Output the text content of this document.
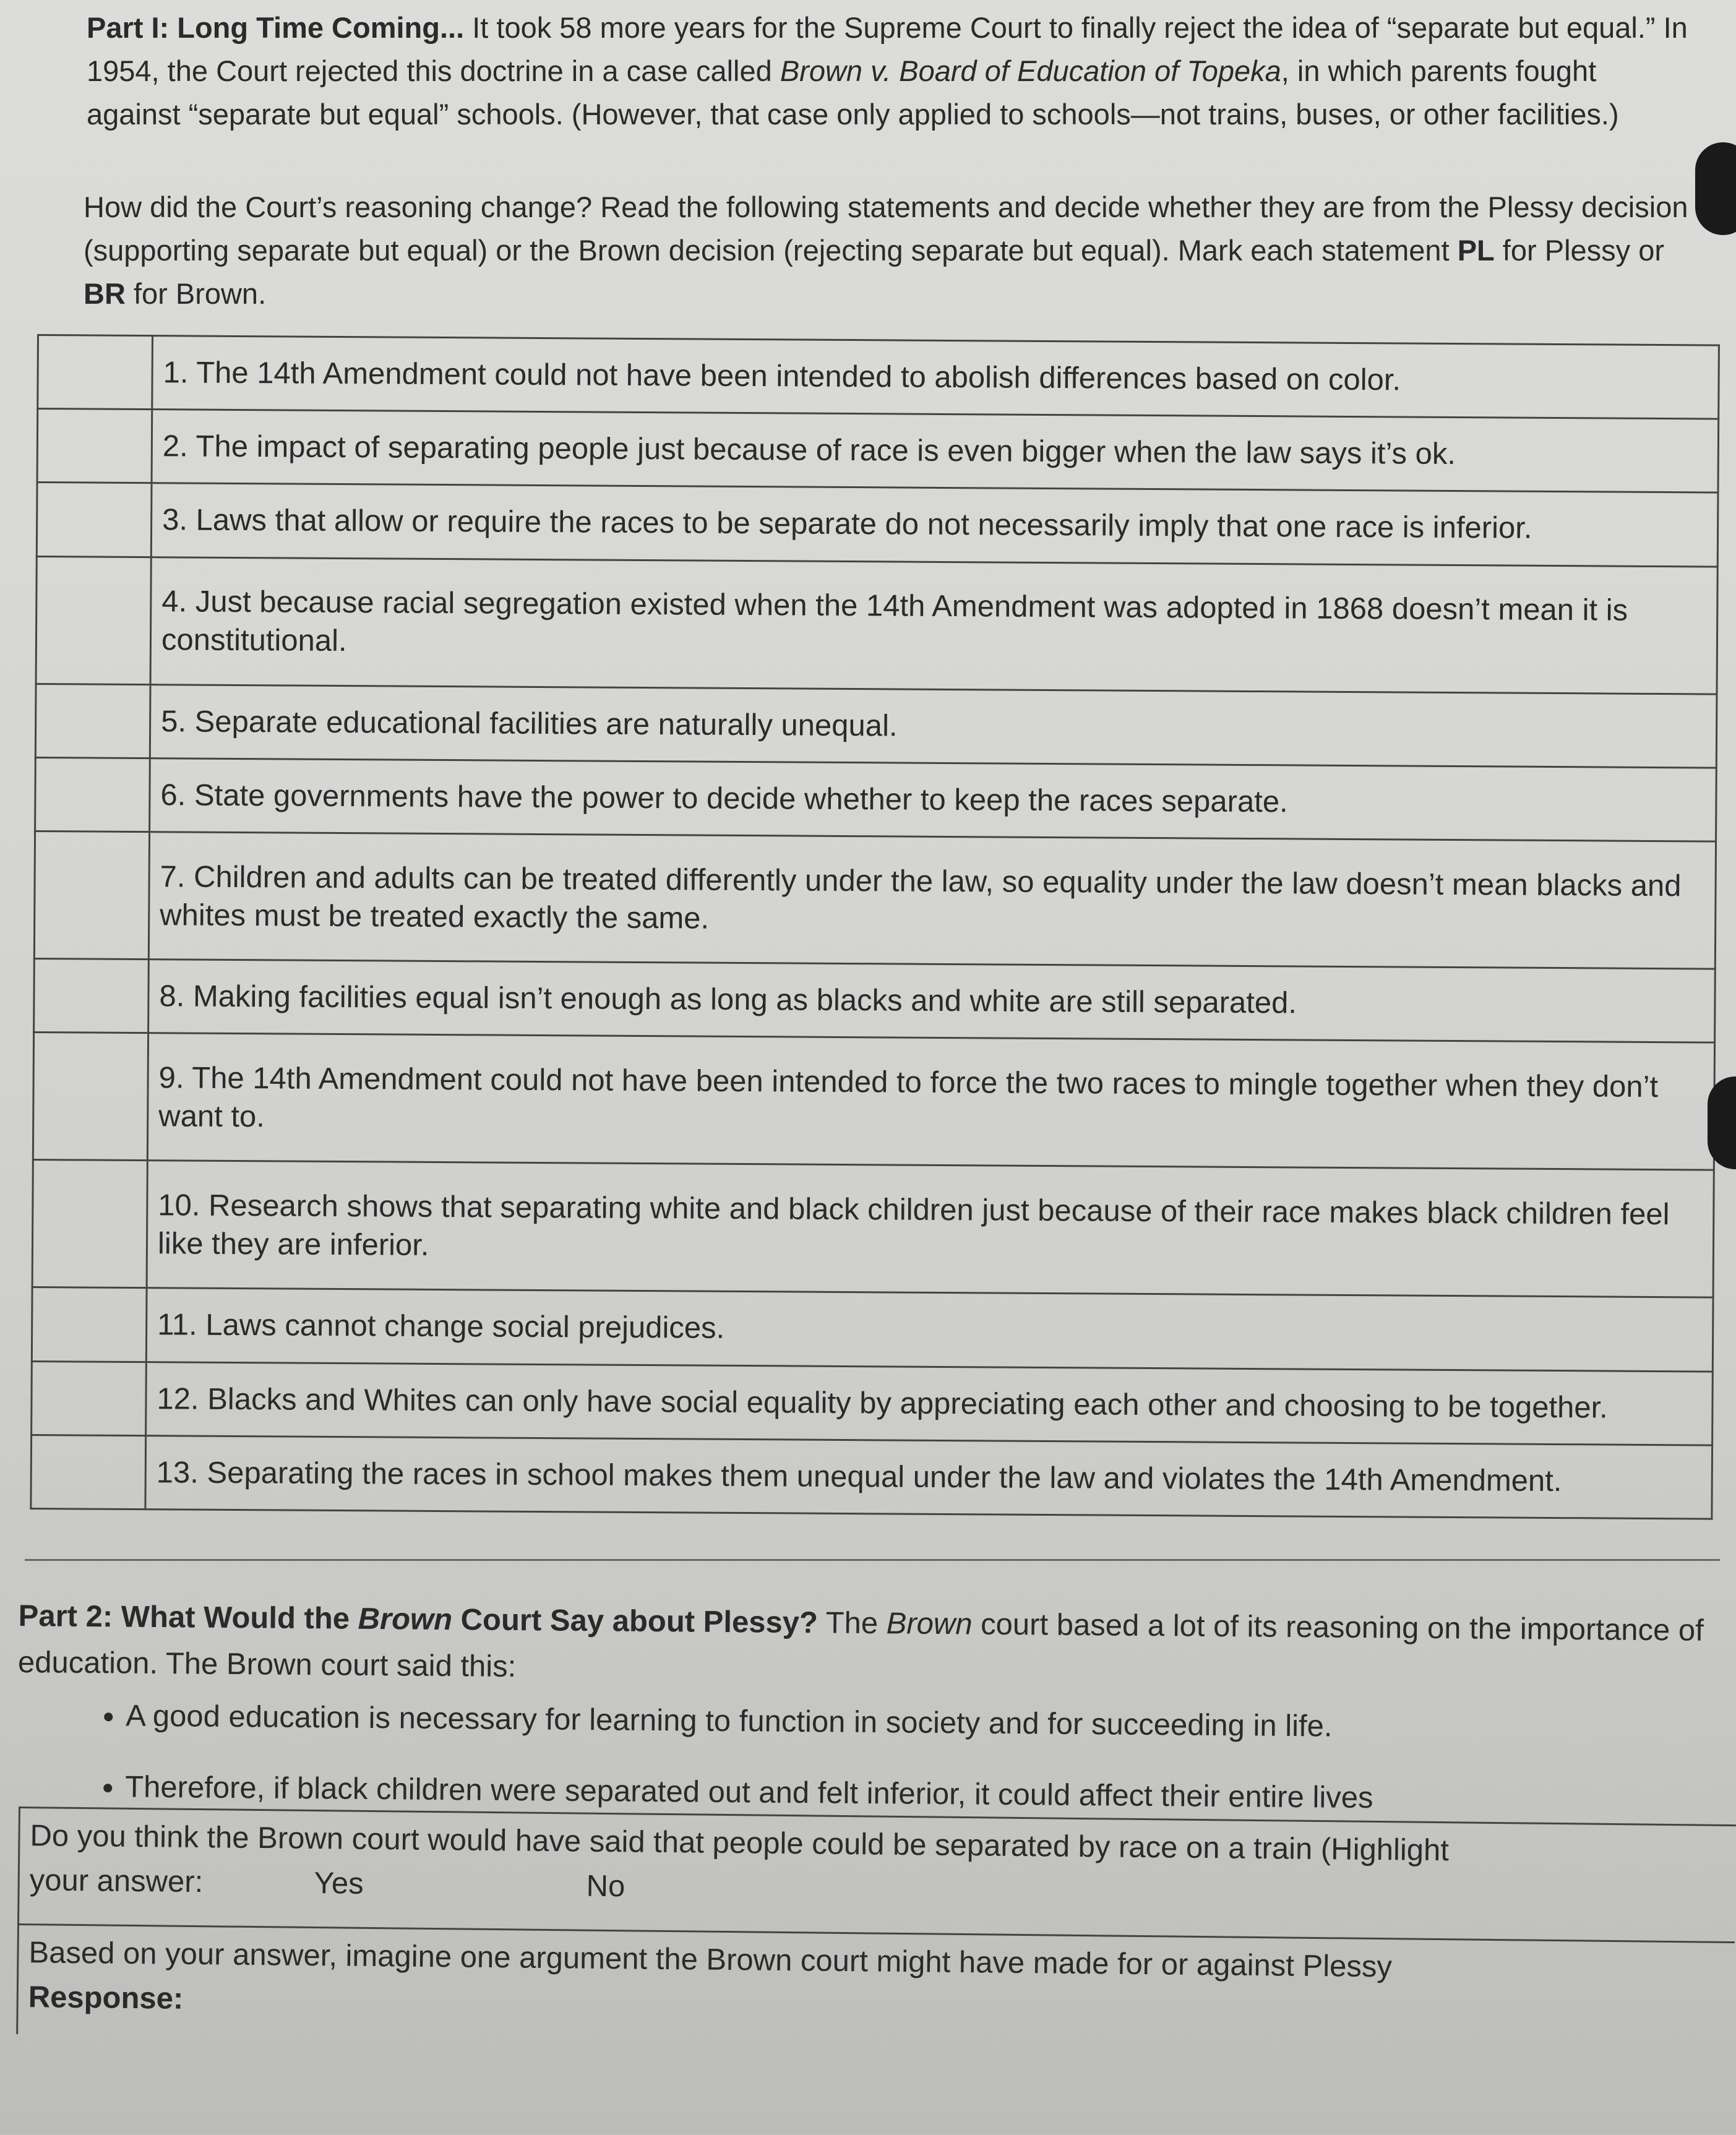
Part I: Long Time Coming... It took 58 more years for the Supreme Court to finally reject the idea of “separate but equal.” In 1954, the Court rejected this doctrine in a case called Brown v. Board of Education of Topeka, in which parents fought against “separate but equal” schools. (However, that case only applied to schools—not trains, buses, or other facilities.)

How did the Court’s reasoning change? Read the following statements and decide whether they are from the Plessy decision (supporting separate but equal) or the Brown decision (rejecting separate but equal). Mark each statement PL for Plessy or BR for Brown.
	1. The 14th Amendment could not have been intended to abolish differences based on color.
	2. The impact of separating people just because of race is even bigger when the law says it’s ok.
	3. Laws that allow or require the races to be separate do not necessarily imply that one race is inferior.
	4. Just because racial segregation existed when the 14th Amendment was adopted in 1868 doesn’t mean it is constitutional.
	5. Separate educational facilities are naturally unequal.
	6. State governments have the power to decide whether to keep the races separate.
	7. Children and adults can be treated differently under the law, so equality under the law doesn’t mean blacks and whites must be treated exactly the same.
	8. Making facilities equal isn’t enough as long as blacks and white are still separated.
	9. The 14th Amendment could not have been intended to force the two races to mingle together when they don’t want to.
	10. Research shows that separating white and black children just because of their race makes black children feel like they are inferior.
	11. Laws cannot change social prejudices.
	12. Blacks and Whites can only have social equality by appreciating each other and choosing to be together.
	13. Separating the races in school makes them unequal under the law and violates the 14th Amendment.
Part 2: What Would the Brown Court Say about Plessy? The Brown court based a lot of its reasoning on the importance of education. The Brown court said this:
• A good education is necessary for learning to function in society and for succeeding in life.
• Therefore, if black children were separated out and felt inferior, it could affect their entire lives
Do you think the Brown court would have said that people could be separated by race on a train (Highlight
your answer:	Yes	No
Based on your answer, imagine one argument the Brown court might have made for or against Plessy
Response:
